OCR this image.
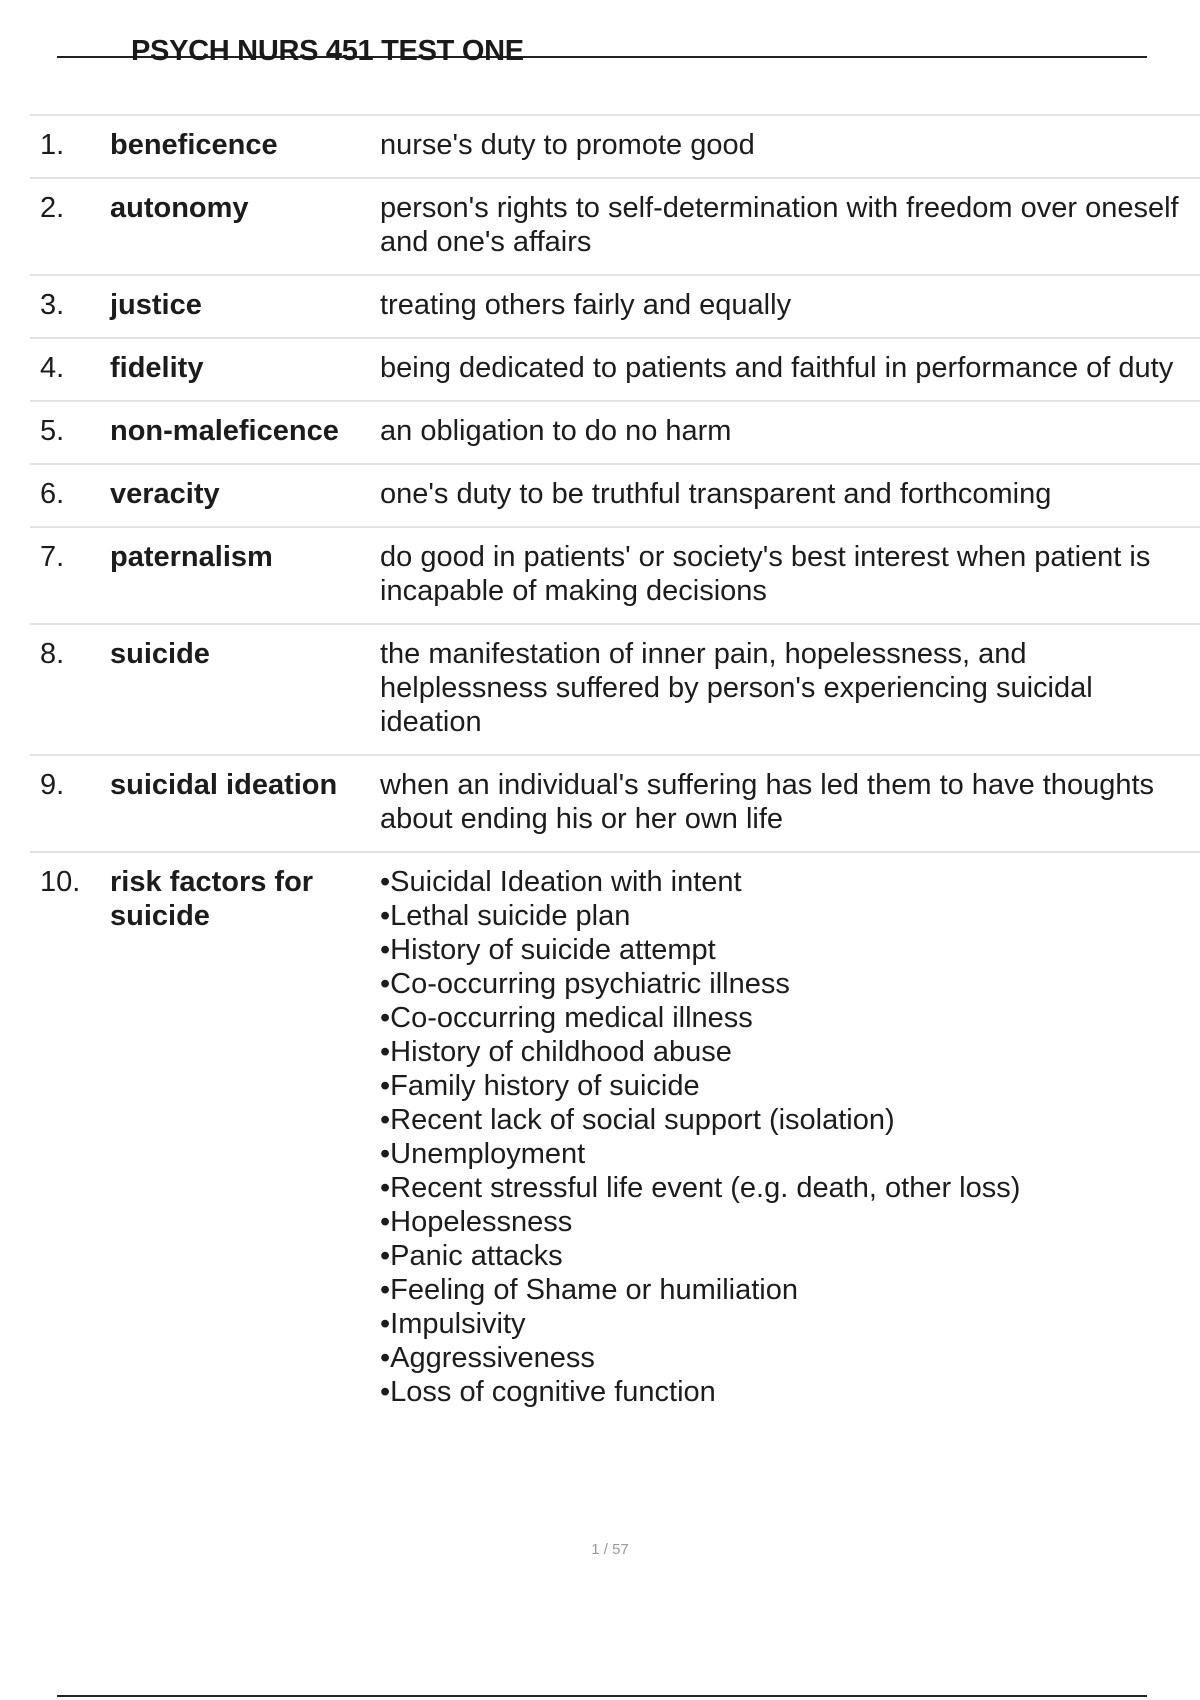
PSYCH NURS 451 TEST ONE
1.	beneficence	nurse's duty to promote good
2.	autonomy	person's rights to self-determination with freedom over oneself and one's affairs
3.	justice	treating others fairly and equally
4.	fidelity	being dedicated to patients and faithful in performance of duty
5.	non-maleficence	an obligation to do no harm
6.	veracity	one's duty to be truthful transparent and forthcoming
7.	paternalism	do good in patients' or society's best interest when patient is incapable of making decisions
8.	suicide	the manifestation of inner pain, hopelessness, and helplessness suffered by person's experiencing suicidal ideation
9.	suicidal ideation	when an individual's suffering has led them to have thoughts about ending his or her own life
10.	risk factors for suicide
•Suicidal Ideation with intent
•Lethal suicide plan
•History of suicide attempt
•Co-occurring psychiatric illness
•Co-occurring medical illness
•History of childhood abuse
•Family history of suicide
•Recent lack of social support (isolation)
•Unemployment
•Recent stressful life event (e.g. death, other loss)
•Hopelessness
•Panic attacks
•Feeling of Shame or humiliation
•Impulsivity
•Aggressiveness
•Loss of cognitive function
1 / 57
